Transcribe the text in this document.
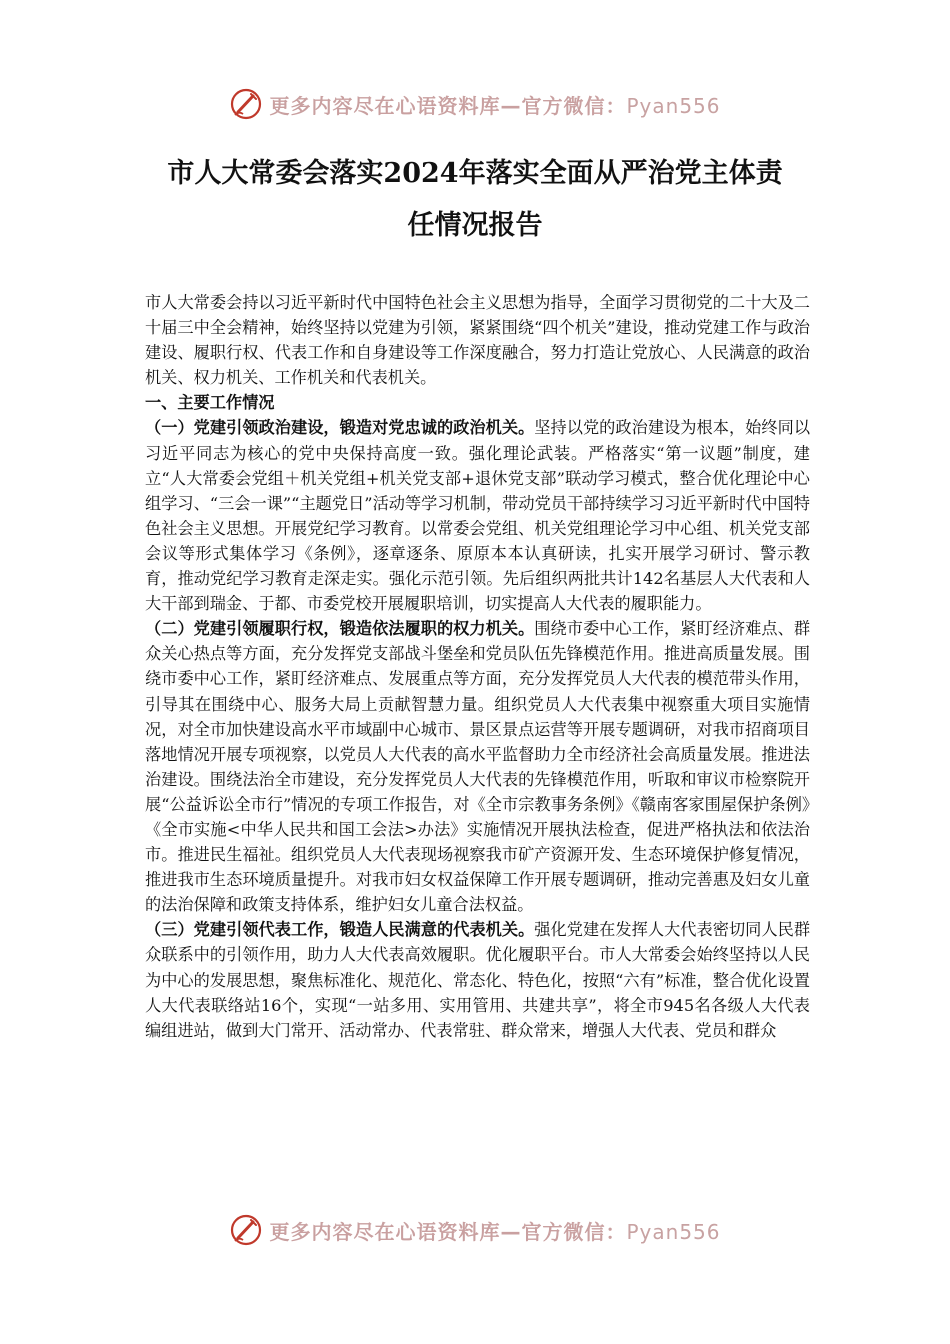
更多内容尽在心语资料库—官方微信：Pyan556
市人大常委会落实2024年落实全面从严治党主体责
任情况报告

市人大常委会持以习近平新时代中国特色社会主义思想为指导，全面学习贯彻党的二十大及二十届三中全会精神，始终坚持以党建为引领，紧紧围绕“四个机关”建设，推动党建工作与政治建设、履职行权、代表工作和自身建设等工作深度融合，努力打造让党放心、人民满意的政治机关、权力机关、工作机关和代表机关。

一、主要工作情况

（一）党建引领政治建设，锻造对党忠诚的政治机关。坚持以党的政治建设为根本，始终同以习近平同志为核心的党中央保持高度一致。强化理论武装。严格落实“第一议题”制度，建立“人大常委会党组＋机关党组+机关党支部+退休党支部”联动学习模式，整合优化理论中心组学习、“三会一课”“主题党日”活动等学习机制，带动党员干部持续学习习近平新时代中国特色社会主义思想。开展党纪学习教育。以常委会党组、机关党组理论学习中心组、机关党支部会议等形式集体学习《条例》，逐章逐条、原原本本认真研读，扎实开展学习研讨、警示教育，推动党纪学习教育走深走实。强化示范引领。先后组织两批共计142名基层人大代表和人大干部到瑞金、于都、市委党校开展履职培训，切实提高人大代表的履职能力。

（二）党建引领履职行权，锻造依法履职的权力机关。围绕市委中心工作，紧盯经济难点、群众关心热点等方面，充分发挥党支部战斗堡垒和党员队伍先锋模范作用。推进高质量发展。围绕市委中心工作，紧盯经济难点、发展重点等方面，充分发挥党员人大代表的模范带头作用，引导其在围绕中心、服务大局上贡献智慧力量。组织党员人大代表集中视察重大项目实施情况，对全市加快建设高水平市域副中心城市、景区景点运营等开展专题调研，对我市招商项目落地情况开展专项视察，以党员人大代表的高水平监督助力全市经济社会高质量发展。推进法治建设。围绕法治全市建设，充分发挥党员人大代表的先锋模范作用，听取和审议市检察院开展“公益诉讼全市行”情况的专项工作报告，对《全市宗教事务条例》《赣南客家围屋保护条例》《全市实施<中华人民共和国工会法>办法》实施情况开展执法检查，促进严格执法和依法治市。推进民生福祉。组织党员人大代表现场视察我市矿产资源开发、生态环境保护修复情况，推进我市生态环境质量提升。对我市妇女权益保障工作开展专题调研，推动完善惠及妇女儿童的法治保障和政策支持体系，维护妇女儿童合法权益。

（三）党建引领代表工作，锻造人民满意的代表机关。强化党建在发挥人大代表密切同人民群众联系中的引领作用，助力人大代表高效履职。优化履职平台。市人大常委会始终坚持以人民为中心的发展思想，聚焦标准化、规范化、常态化、特色化，按照“六有”标准，整合优化设置人大代表联络站16个，实现“一站多用、实用管用、共建共享”，将全市945名各级人大代表编组进站，做到大门常开、活动常办、代表常驻、群众常来，增强人大代表、党员和群众

更多内容尽在心语资料库—官方微信：Pyan556
